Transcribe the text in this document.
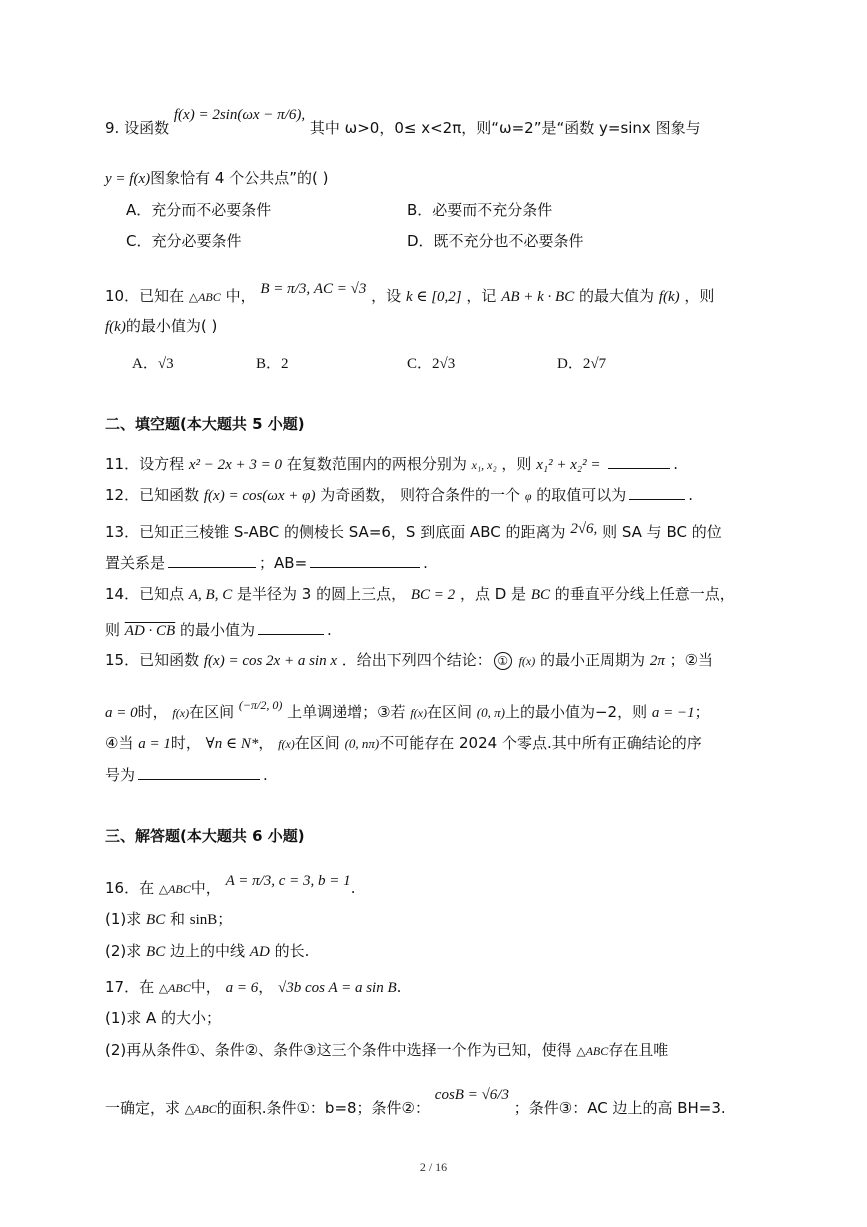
9. 设函数 f(x) = 2sin(ωx − π/6), 其中 ω>0，0≤ x<2π，则“ω=2”是“函数 y=sinx 图象与
y = f(x)图象恰有 4 个公共点”的( )
A．充分而不必要条件	B．必要而不充分条件
C．充分必要条件	D．既不充分也不必要条件
10．已知在 △ABC 中， B = π/3, AC = √3 ，设 k ∈ [0,2] ，记 AB + k · BC 的最大值为 f(k) ，则
f(k)的最小值为( )
A．√3	B．2	C．2√3	D．2√7
二、填空题(本大题共 5 小题)
11．设方程 x² − 2x + 3 = 0 在复数范围内的两根分别为 x₁, x₂ ，则 x₁² + x₂² =	.
12．已知函数 f(x) = cos(ωx + φ) 为奇函数， 则符合条件的一个 φ 的取值可以为	.
13．已知正三棱锥 S-ABC 的侧棱长 SA=6，S 到底面 ABC 的距离为 2√6, 则 SA 与 BC 的位
置关系是	；AB=	.
14．已知点 A, B, C 是半径为 3 的圆上三点， BC = 2 ，点 D 是 BC 的垂直平分线上任意一点，
则 AD · CB 的最小值为	.
15．已知函数 f(x) = cos 2x + a sin x ．给出下列四个结论： ① f(x) 的最小正周期为 2π ；②当
a = 0时， f(x)在区间 $^{(-\pi/2, 0)}$ 上单调递增；③若 f(x)在区间 (0, π)上的最小值为−2，则 a = −1；
④当 a = 1时， ∀n ∈ N*， f(x)在区间 (0, nπ)不可能存在 2024 个零点.其中所有正确结论的序
号为	.
三、解答题(本大题共 6 小题)
16．在 △ABC中， A = π/3, c = 3, b = 1.
(1)求 BC 和 sinB；
(2)求 BC 边上的中线 AD 的长.
17．在 △ABC中， a = 6， √3b cos A = a sin B.
(1)求 A 的大小；
(2)再从条件①、条件②、条件③这三个条件中选择一个作为已知，使得 △ABC存在且唯
一确定，求 △ABC的面积.条件①：b=8；条件②： cosB = √6/3 ；条件③：AC 边上的高 BH=3.
2 / 16
